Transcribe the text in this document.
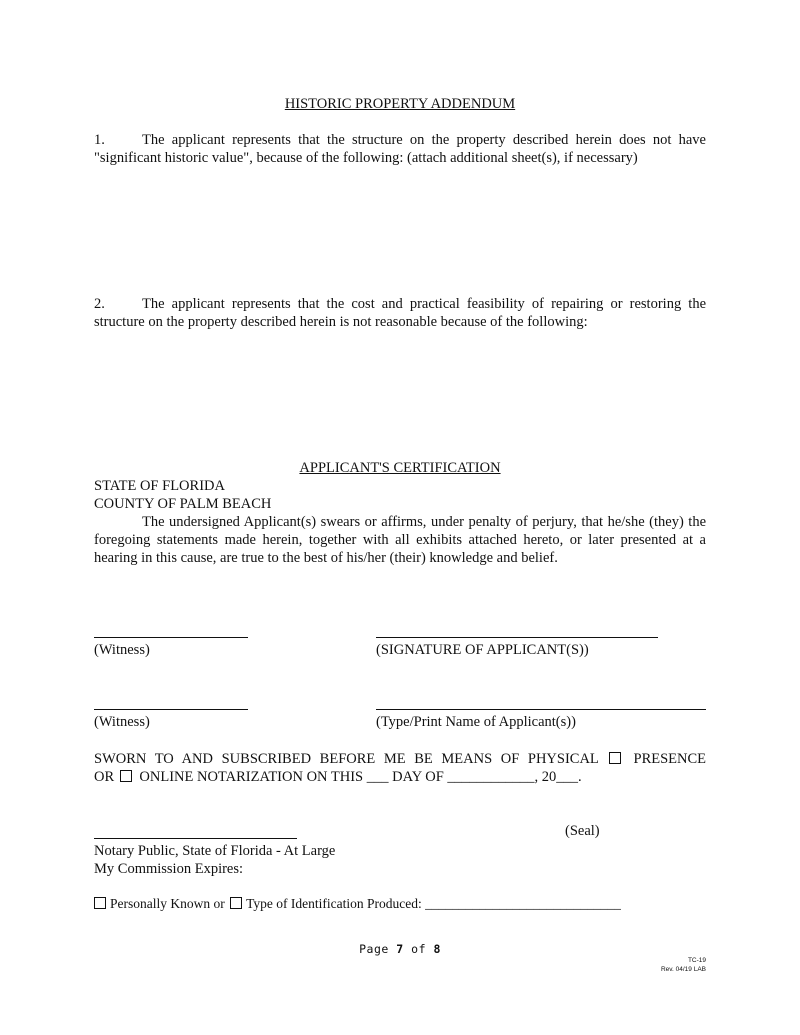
HISTORIC PROPERTY ADDENDUM
1.	The applicant represents that the structure on the property described herein does not have "significant historic value", because of the following: (attach additional sheet(s), if necessary)
2.	The applicant represents that the cost and practical feasibility of repairing or restoring the structure on the property described herein is not reasonable because of the following:
APPLICANT'S CERTIFICATION
STATE OF FLORIDA
COUNTY OF PALM BEACH
The undersigned Applicant(s) swears or affirms, under penalty of perjury, that he/she (they) the foregoing statements made herein, together with all exhibits attached hereto, or later presented at a hearing in this cause, are true to the best of his/her (their) knowledge and belief.
(Witness)	(SIGNATURE OF APPLICANT(S))
(Witness)	(Type/Print Name of Applicant(s))
SWORN TO AND SUBSCRIBED BEFORE ME BE MEANS OF PHYSICAL PRESENCE
OR ONLINE NOTARIZATION ON THIS ___ DAY OF ____________, 20___.
(Seal)
Notary Public, State of Florida - At Large
My Commission Expires:
Personally Known or Type of Identification Produced: _____________________________
Page 7 of 8
TC-19
Rev. 04/19 LAB
